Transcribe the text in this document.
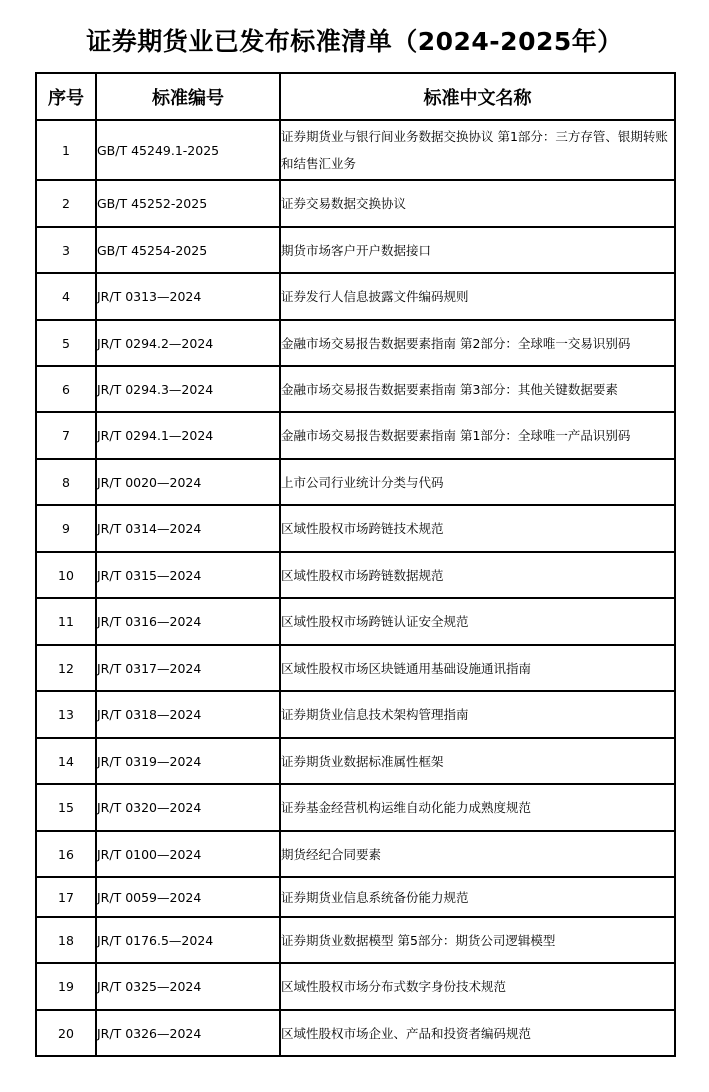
证券期货业已发布标准清单（2024-2025年）
序号	标准编号	标准中文名称
1	GB/T 45249.1-2025	证券期货业与银行间业务数据交换协议 第1部分：三方存管、银期转账和结售汇业务
2	GB/T 45252-2025	证券交易数据交换协议
3	GB/T 45254-2025	期货市场客户开户数据接口
4	JR/T 0313—2024	证券发行人信息披露文件编码规则
5	JR/T 0294.2—2024	金融市场交易报告数据要素指南 第2部分：全球唯一交易识别码
6	JR/T 0294.3—2024	金融市场交易报告数据要素指南 第3部分：其他关键数据要素
7	JR/T 0294.1—2024	金融市场交易报告数据要素指南 第1部分：全球唯一产品识别码
8	JR/T 0020—2024	上市公司行业统计分类与代码
9	JR/T 0314—2024	区域性股权市场跨链技术规范
10	JR/T 0315—2024	区域性股权市场跨链数据规范
11	JR/T 0316—2024	区域性股权市场跨链认证安全规范
12	JR/T 0317—2024	区域性股权市场区块链通用基础设施通讯指南
13	JR/T 0318—2024	证券期货业信息技术架构管理指南
14	JR/T 0319—2024	证券期货业数据标准属性框架
15	JR/T 0320—2024	证券基金经营机构运维自动化能力成熟度规范
16	JR/T 0100—2024	期货经纪合同要素
17	JR/T 0059—2024	证券期货业信息系统备份能力规范
18	JR/T 0176.5—2024	证券期货业数据模型 第5部分：期货公司逻辑模型
19	JR/T 0325—2024	区域性股权市场分布式数字身份技术规范
20	JR/T 0326—2024	区域性股权市场企业、产品和投资者编码规范
